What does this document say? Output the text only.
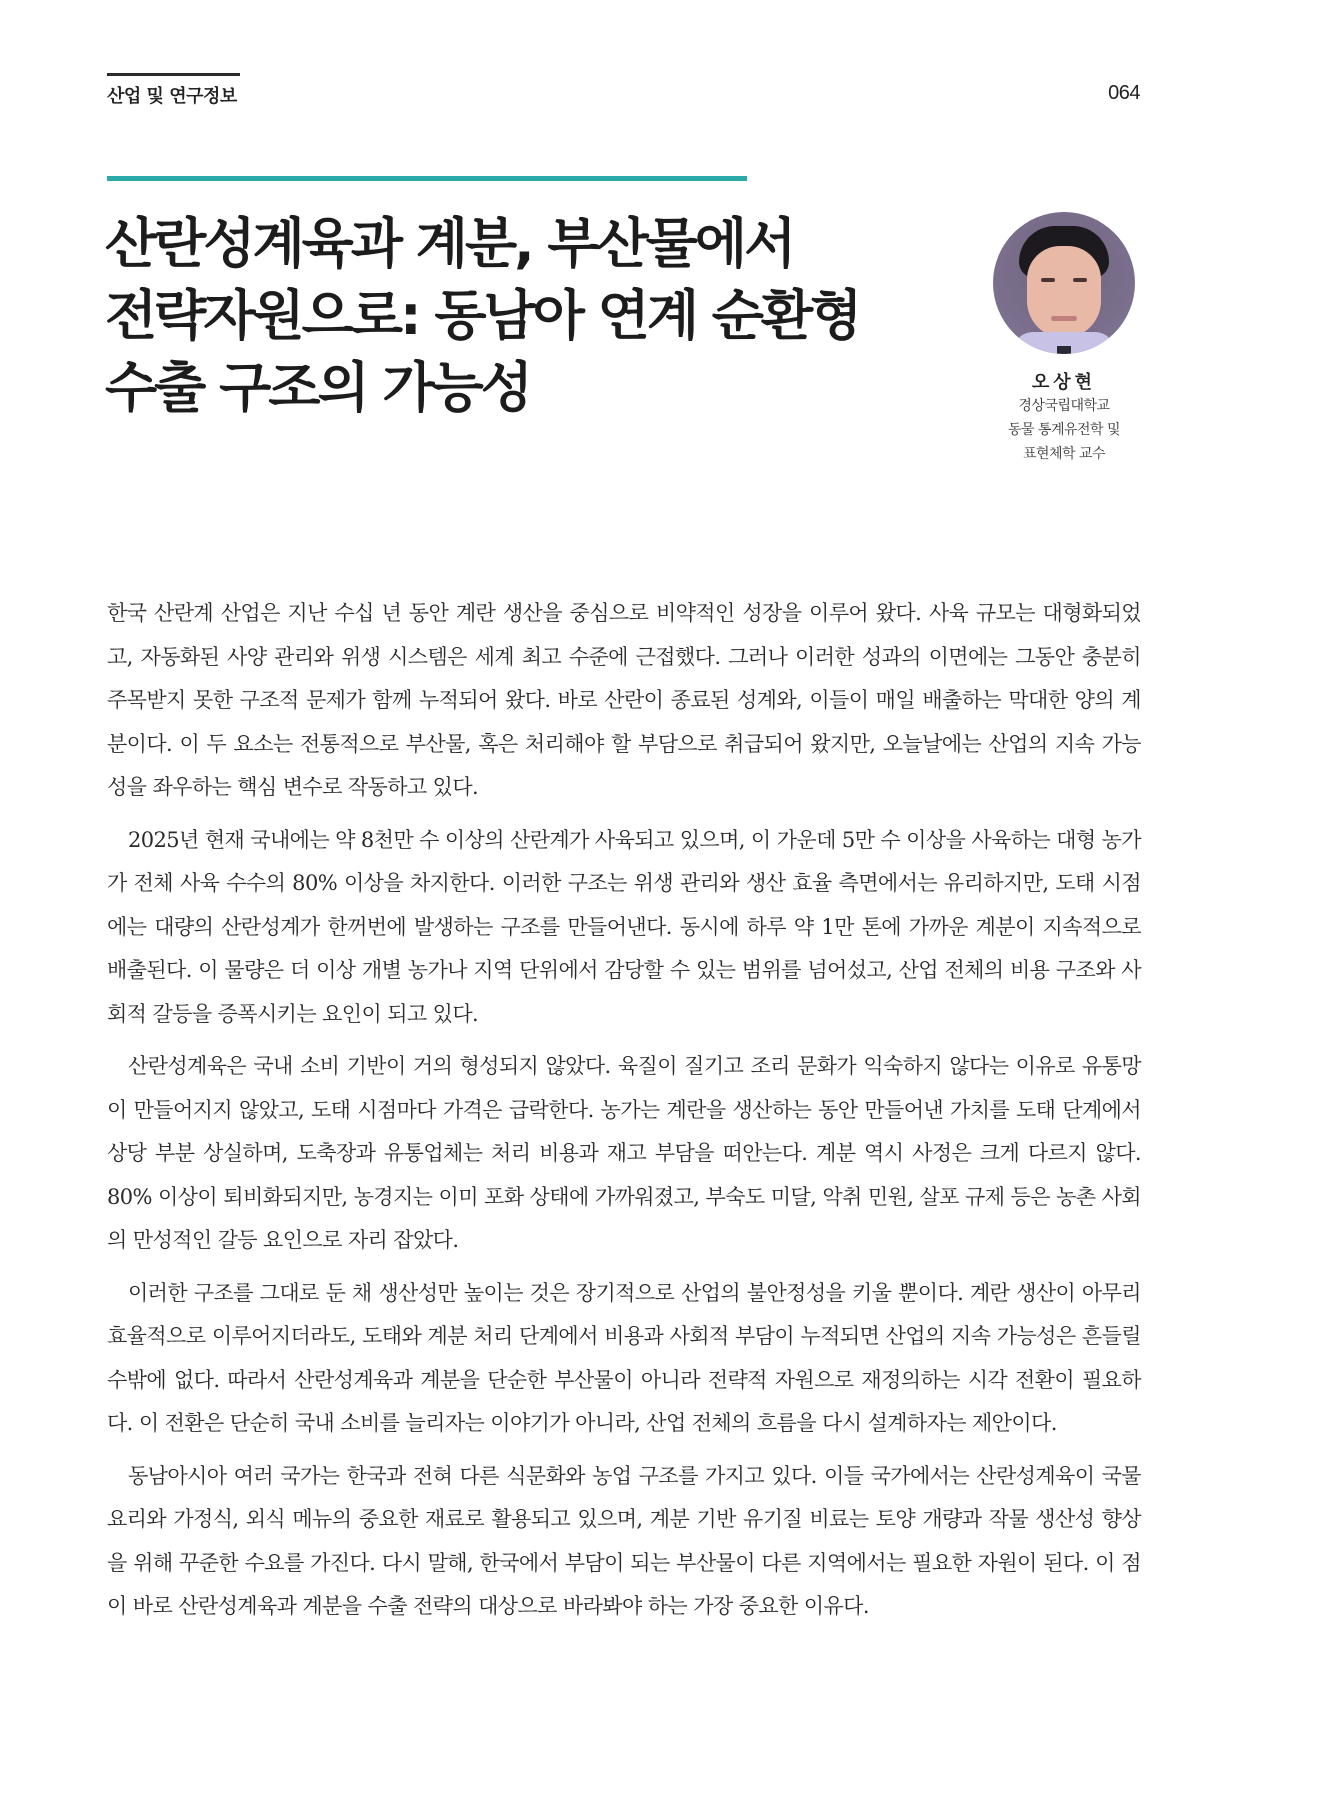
산업 및 연구정보	064
산란성계육과 계분, 부산물에서
전략자원으로: 동남아 연계 순환형
수출 구조의 가능성	오상현
경상국립대학교
동물 통계유전학 및
표현체학 교수

한국 산란계 산업은 지난 수십 년 동안 계란 생산을 중심으로 비약적인 성장을 이루어 왔다. 사육 규모는 대형화되었고, 자동화된 사양 관리와 위생 시스템은 세계 최고 수준에 근접했다. 그러나 이러한 성과의 이면에는 그동안 충분히 주목받지 못한 구조적 문제가 함께 누적되어 왔다. 바로 산란이 종료된 성계와, 이들이 매일 배출하는 막대한 양의 계분이다. 이 두 요소는 전통적으로 부산물, 혹은 처리해야 할 부담으로 취급되어 왔지만, 오늘날에는 산업의 지속 가능성을 좌우하는 핵심 변수로 작동하고 있다.

2025년 현재 국내에는 약 8천만 수 이상의 산란계가 사육되고 있으며, 이 가운데 5만 수 이상을 사육하는 대형 농가가 전체 사육 수수의 80% 이상을 차지한다. 이러한 구조는 위생 관리와 생산 효율 측면에서는 유리하지만, 도태 시점에는 대량의 산란성계가 한꺼번에 발생하는 구조를 만들어낸다. 동시에 하루 약 1만 톤에 가까운 계분이 지속적으로 배출된다. 이 물량은 더 이상 개별 농가나 지역 단위에서 감당할 수 있는 범위를 넘어섰고, 산업 전체의 비용 구조와 사회적 갈등을 증폭시키는 요인이 되고 있다.

산란성계육은 국내 소비 기반이 거의 형성되지 않았다. 육질이 질기고 조리 문화가 익숙하지 않다는 이유로 유통망이 만들어지지 않았고, 도태 시점마다 가격은 급락한다. 농가는 계란을 생산하는 동안 만들어낸 가치를 도태 단계에서 상당 부분 상실하며, 도축장과 유통업체는 처리 비용과 재고 부담을 떠안는다. 계분 역시 사정은 크게 다르지 않다. 80% 이상이 퇴비화되지만, 농경지는 이미 포화 상태에 가까워졌고, 부숙도 미달, 악취 민원, 살포 규제 등은 농촌 사회의 만성적인 갈등 요인으로 자리 잡았다.

이러한 구조를 그대로 둔 채 생산성만 높이는 것은 장기적으로 산업의 불안정성을 키울 뿐이다. 계란 생산이 아무리 효율적으로 이루어지더라도, 도태와 계분 처리 단계에서 비용과 사회적 부담이 누적되면 산업의 지속 가능성은 흔들릴 수밖에 없다. 따라서 산란성계육과 계분을 단순한 부산물이 아니라 전략적 자원으로 재정의하는 시각 전환이 필요하다. 이 전환은 단순히 국내 소비를 늘리자는 이야기가 아니라, 산업 전체의 흐름을 다시 설계하자는 제안이다.

동남아시아 여러 국가는 한국과 전혀 다른 식문화와 농업 구조를 가지고 있다. 이들 국가에서는 산란성계육이 국물 요리와 가정식, 외식 메뉴의 중요한 재료로 활용되고 있으며, 계분 기반 유기질 비료는 토양 개량과 작물 생산성 향상을 위해 꾸준한 수요를 가진다. 다시 말해, 한국에서 부담이 되는 부산물이 다른 지역에서는 필요한 자원이 된다. 이 점이 바로 산란성계육과 계분을 수출 전략의 대상으로 바라봐야 하는 가장 중요한 이유다.
